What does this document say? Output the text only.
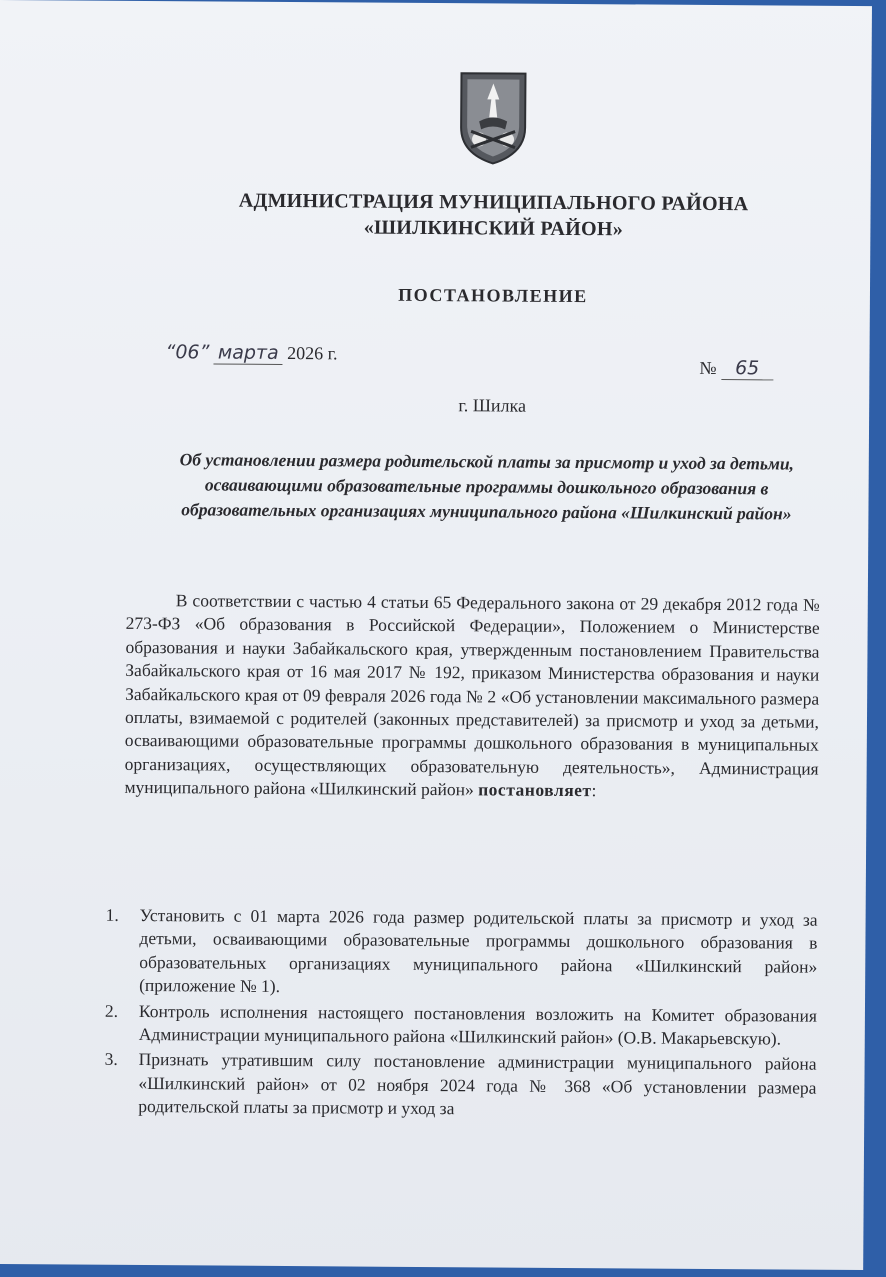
АДМИНИСТРАЦИЯ МУНИЦИПАЛЬНОГО РАЙОНА
«ШИЛКИНСКИЙ РАЙОН»
ПОСТАНОВЛЕНИЕ
“06” марта 2026 г.
№ 65
г. Шилка
Об установлении размера родительской платы за присмотр и уход за детьми, осваивающими образовательные программы дошкольного образования в образовательных организациях муниципального района «Шилкинский район»

В соответствии с частью 4 статьи 65 Федерального закона от 29 декабря 2012 года № 273-ФЗ «Об образования в Российской Федерации», Положением о Министерстве образования и науки Забайкальского края, утвержденным постановлением Правительства Забайкальского края от 16 мая 2017 № 192, приказом Министерства образования и науки Забайкальского края от 09 февраля 2026 года № 2 «Об установлении максимального размера оплаты, взимаемой с родителей (законных представителей) за присмотр и уход за детьми, осваивающими образовательные программы дошкольного образования в муниципальных организациях, осуществляющих образовательную деятельность», Администрация муниципального района «Шилкинский район» постановляет:

1. Установить с 01 марта 2026 года размер родительской платы за присмотр и уход за детьми, осваивающими образовательные программы дошкольного образования в образовательных организациях муниципального района «Шилкинский район» (приложение № 1).
2. Контроль исполнения настоящего постановления возложить на Комитет образования Администрации муниципального района «Шилкинский район» (О.В. Макарьевскую).
3. Признать утратившим силу постановление администрации муниципального района «Шилкинский район» от 02 ноября 2024 года № 368 «Об установлении размера родительской платы за присмотр и уход за
